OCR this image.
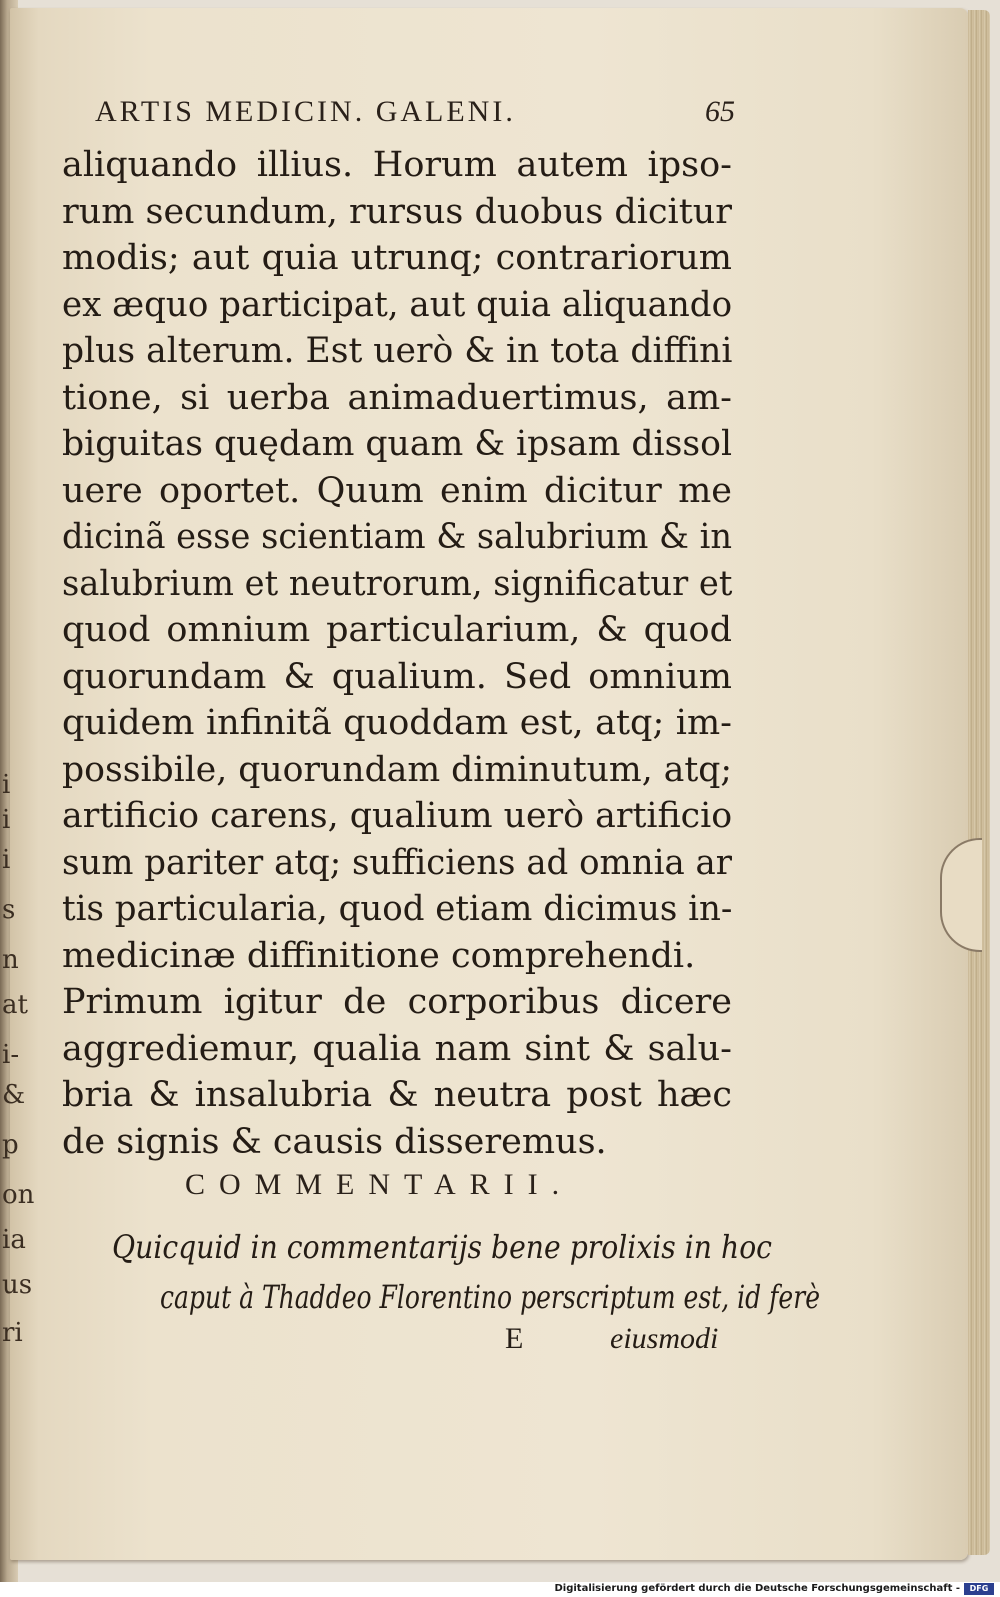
i
i
i
s
n
at
i-
&
p
on
ia
us
ri
ARTIS MEDICIN. GALENI.	65
aliquando illius. Horum autem ipso-
rum secundum, rursus duobus dicitur
modis; aut quia utrunq; contrariorum
ex æquo participat, aut quia aliquando
plus alterum. Est uerò & in tota diffini
tione, si uerba animaduertimus, am-
biguitas quędam quam & ipsam dissol
uere oportet. Quum enim dicitur me
dicinã esse scientiam & salubrium & in
salubrium et neutrorum, significatur et
quod omnium particularium, & quod
quorundam & qualium. Sed omnium
quidem infinitã quoddam est, atq; im-
possibile, quorundam diminutum, atq;
artificio carens, qualium uerò artificio
sum pariter atq; sufficiens ad omnia ar
tis particularia, quod etiam dicimus in-
medicinæ diffinitione comprehendi.
Primum igitur de corporibus dicere
aggrediemur, qualia nam sint & salu-
bria & insalubria & neutra post hæc
de signis & causis disseremus.
COMMENTARII.
Quicquid in commentarijs bene prolixis in hoc
caput à Thaddeo Florentino perscriptum est, id ferè
E	eiusmodi
Digitalisierung gefördert durch die Deutsche Forschungsgemeinschaft -	DFG
